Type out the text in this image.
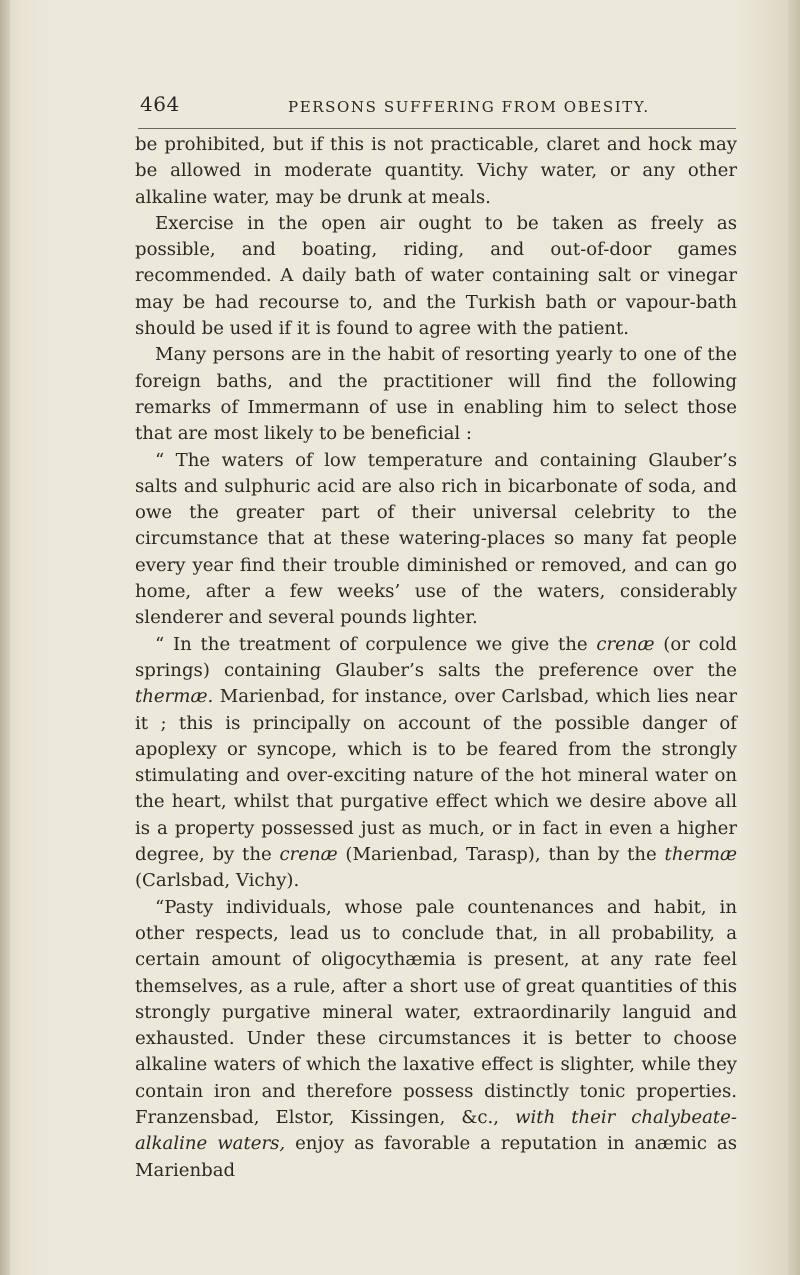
464	PERSONS SUFFERING FROM OBESITY.

be prohibited, but if this is not practicable, claret and hock may be allowed in moderate quantity. Vichy water, or any other alkaline water, may be drunk at meals.

Exercise in the open air ought to be taken as freely as possible, and boating, riding, and out-of-door games recommended. A daily bath of water containing salt or vinegar may be had recourse to, and the Turkish bath or vapour-bath should be used if it is found to agree with the patient.

Many persons are in the habit of resorting yearly to one of the foreign baths, and the practitioner will find the following remarks of Immermann of use in enabling him to select those that are most likely to be beneficial :

“ The waters of low temperature and containing Glauber’s salts and sulphuric acid are also rich in bicarbonate of soda, and owe the greater part of their universal celebrity to the circumstance that at these watering-places so many fat people every year find their trouble diminished or removed, and can go home, after a few weeks’ use of the waters, considerably slenderer and several pounds lighter.

“ In the treatment of corpulence we give the crenæ (or cold springs) containing Glauber’s salts the preference over the thermæ. Marienbad, for instance, over Carlsbad, which lies near it ; this is principally on account of the possible danger of apoplexy or syncope, which is to be feared from the strongly stimulating and over-exciting nature of the hot mineral water on the heart, whilst that purgative effect which we desire above all is a property possessed just as much, or in fact in even a higher degree, by the crenæ (Marienbad, Tarasp), than by the thermæ (Carlsbad, Vichy).

“Pasty individuals, whose pale countenances and habit, in other respects, lead us to conclude that, in all probability, a certain amount of oligocythæmia is present, at any rate feel themselves, as a rule, after a short use of great quantities of this strongly purgative mineral water, extraordinarily languid and exhausted. Under these circumstances it is better to choose alkaline waters of which the laxative effect is slighter, while they contain iron and therefore possess distinctly tonic properties. Franzensbad, Elstor, Kissingen, &c., with their chalybeate-alkaline waters, enjoy as favorable a reputation in anæmic as Marienbad
